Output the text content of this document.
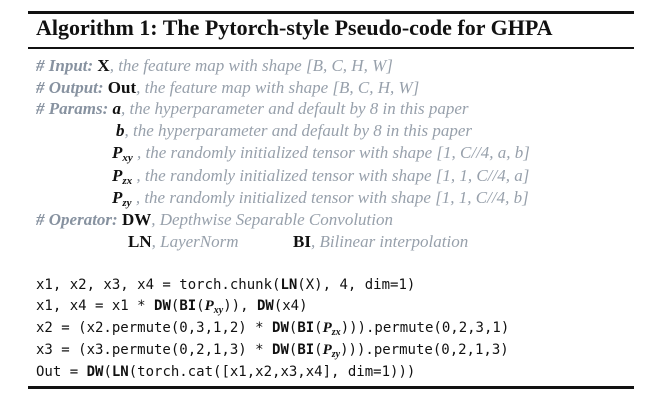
Algorithm 1: The Pytorch-style Pseudo-code for GHPA
# Input: X, the feature map with shape [B, C, H, W]
# Output: Out, the feature map with shape [B, C, H, W]
# Params: a, the hyperparameter and default by 8 in this paper
b, the hyperparameter and default by 8 in this paper
$P_{xy}$ , the randomly initialized tensor with shape [1, C//4, a, b]
$P_{zx}$ , the randomly initialized tensor with shape [1, 1, C//4, a]
$P_{zy}$ , the randomly initialized tensor with shape [1, 1, C//4, b]
# Operator: DW, Depthwise Separable Convolution
LN, LayerNorm	BI, Bilinear interpolation
x1, x2, x3, x4 = torch.chunk(LN(X), 4, dim=1)
x1, $x4 = x1 * DW(BI(P_{xy}))$, DW(x4)
x2 = (x2.permute(0,3,1,2) * $DW(BI(P_{zx}))).permute(0,2,3,1)$
x3 = (x3.permute(0,2,1,3) * $DW(BI(P_{zy}))).permute(0,2,1,3)$
Out = DW(LN(torch.cat([x1,x2,x3,x4], dim=1)))
